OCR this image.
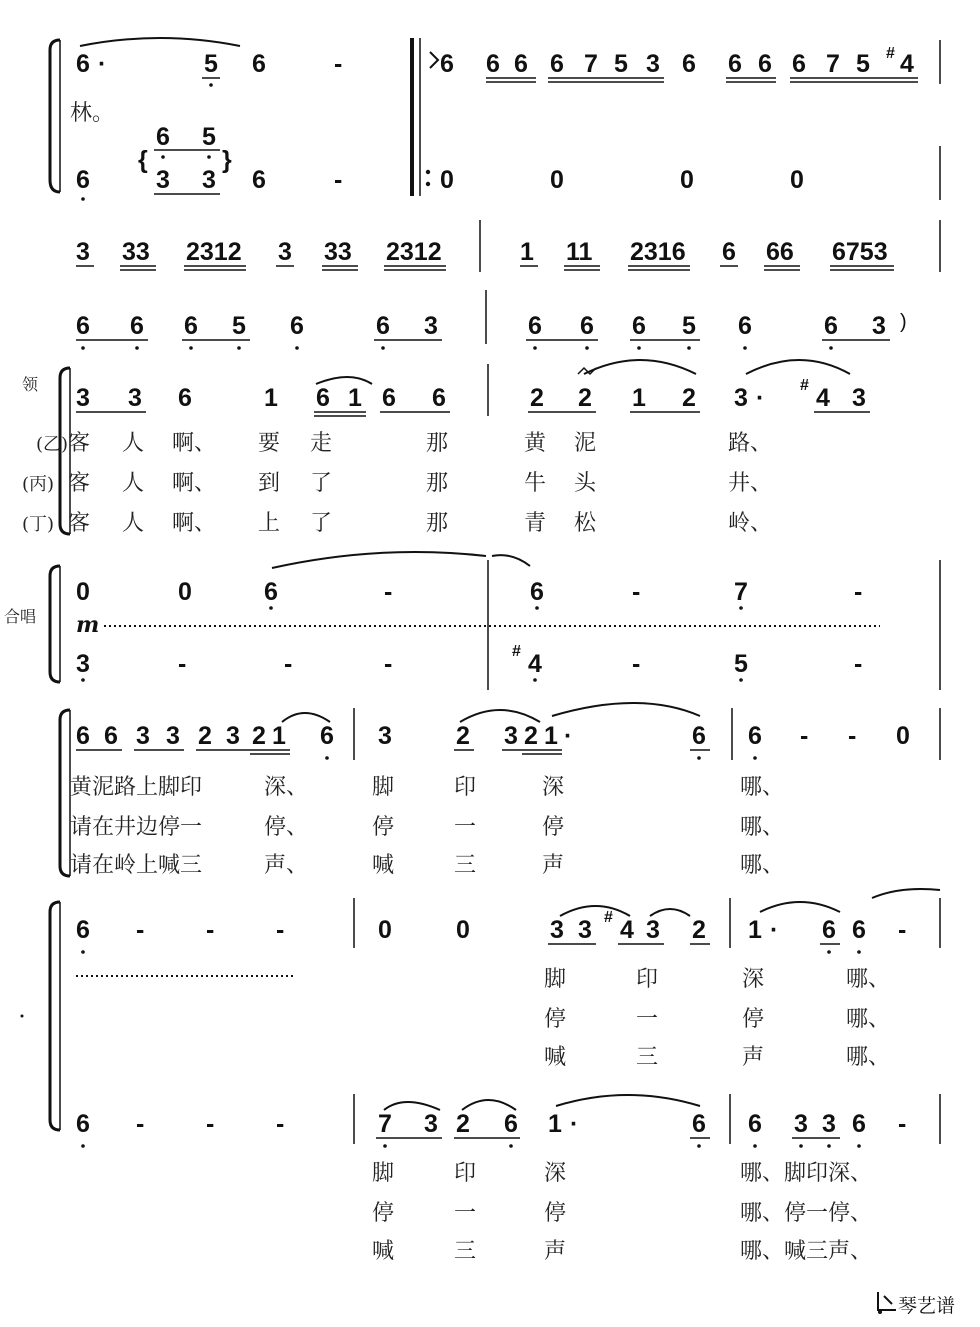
6 ·	5 6	-
林。
6
{
6 5
3 3
}
6	-
6 6 6 6 7 5 3 6 6 6 6 7 5 # 4
0	0	0	0
3 33 2312 3 33 2312	1 11 2316 6 66 6753
6 6 6 5 6	6 3	6 6 6 5 6	6 3 )
领 3 3 6	1 6 1 6 6	2 2 1 2 3 · # 4 3
(乙) 客 人 啊、 要 走	那	黄 泥	路、
(丙) 客 人 啊、 到 了	那	牛 头	井、
(丁) 客 人 啊、 上 了	那	青 松	岭、
合唱
0	0	6	-	6	-	7	-
m
3	-	-	-	# 4	-	5	-
6 6 3 3 2 3 2 1 6 3	2 3 2 1 ·	6 6 - - 0
黄泥路上脚印	深、	脚	印	深	哪、
请在井边停一	停、	停	一	停	哪、
请在岭上喊三	声、	喊	三	声	哪、
6 - - -	0	0	3 3 # 4 3 2 1 · 6 6 -
脚	印	深	哪、
停	一	停	哪、
喊	三	声	哪、
6 - - -	7 3 2 6 1 ·	6 6 3 3 6 -
脚	印	深	哪、脚印深、
停	一	停	哪、停一停、
喊	三	声	哪、喊三声、
琴艺谱
